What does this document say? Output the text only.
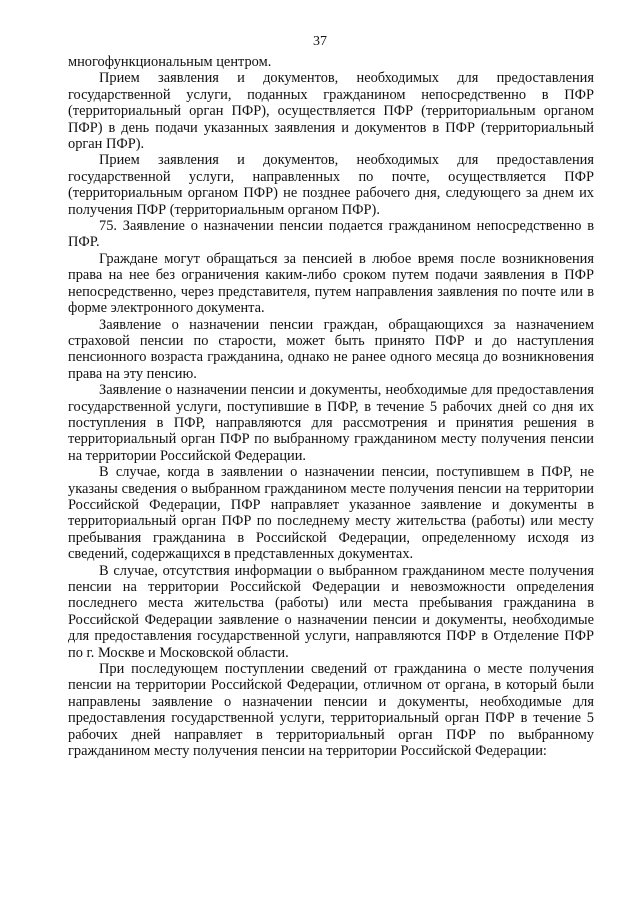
37

многофункциональным центром.

Прием заявления и документов, необходимых для предоставления государственной услуги, поданных гражданином непосредственно в ПФР (территориальный орган ПФР), осуществляется ПФР (территориальным органом ПФР) в день подачи указанных заявления и документов в ПФР (территориальный орган ПФР).

Прием заявления и документов, необходимых для предоставления государственной услуги, направленных по почте, осуществляется ПФР (территориальным органом ПФР) не позднее рабочего дня, следующего за днем их получения ПФР (территориальным органом ПФР).

75. Заявление о назначении пенсии подается гражданином непосредственно в ПФР.

Граждане могут обращаться за пенсией в любое время после возникновения права на нее без ограничения каким-либо сроком путем подачи заявления в ПФР непосредственно, через представителя, путем направления заявления по почте или в форме электронного документа.

Заявление о назначении пенсии граждан, обращающихся за назначением страховой пенсии по старости, может быть принято ПФР и до наступления пенсионного возраста гражданина, однако не ранее одного месяца до возникновения права на эту пенсию.

Заявление о назначении пенсии и документы, необходимые для предоставления государственной услуги, поступившие в ПФР, в течение 5 рабочих дней со дня их поступления в ПФР, направляются для рассмотрения и принятия решения в территориальный орган ПФР по выбранному гражданином месту получения пенсии на территории Российской Федерации.

В случае, когда в заявлении о назначении пенсии, поступившем в ПФР, не указаны сведения о выбранном гражданином месте получения пенсии на территории Российской Федерации, ПФР направляет указанное заявление и документы в территориальный орган ПФР по последнему месту жительства (работы) или месту пребывания гражданина в Российской Федерации, определенному исходя из сведений, содержащихся в представленных документах.

В случае, отсутствия информации о выбранном гражданином месте получения пенсии на территории Российской Федерации и невозможности определения последнего места жительства (работы) или места пребывания гражданина в Российской Федерации заявление о назначении пенсии и документы, необходимые для предоставления государственной услуги, направляются ПФР в Отделение ПФР по г. Москве и Московской области.

При последующем поступлении сведений от гражданина о месте получения пенсии на территории Российской Федерации, отличном от органа, в который были направлены заявление о назначении пенсии и документы, необходимые для предоставления государственной услуги, территориальный орган ПФР в течение 5 рабочих дней направляет в территориальный орган ПФР по выбранному гражданином месту получения пенсии на территории Российской Федерации:
